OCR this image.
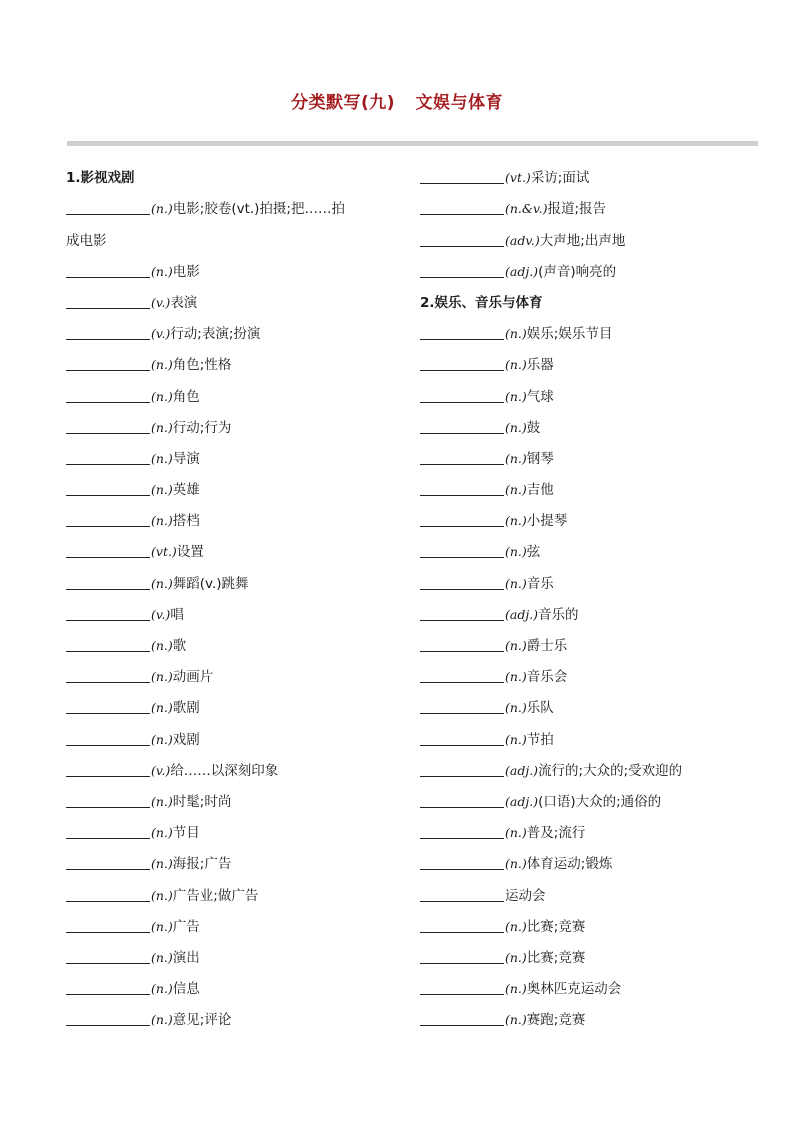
分类默写(九) 文娱与体育
1.影视戏剧
(n.) 电影;胶卷(vt.)拍摄;把……拍
成电影
(n.) 电影
(v.) 表演
(v.) 行动;表演;扮演
(n.) 角色;性格
(n.) 角色
(n.) 行动;行为
(n.) 导演
(n.) 英雄
(n.) 搭档
(vt.) 设置
(n.) 舞蹈(v.)跳舞
(v.) 唱
(n.) 歌
(n.) 动画片
(n.) 歌剧
(n.) 戏剧
(v.) 给……以深刻印象
(n.) 时髦;时尚
(n.) 节目
(n.) 海报;广告
(n.) 广告业;做广告
(n.) 广告
(n.) 演出
(n.) 信息
(n.) 意见;评论
(vt.) 采访;面试
(n.&v.) 报道;报告
(adv.) 大声地;出声地
(adj.) (声音)响亮的
2.娱乐、音乐与体育
(n.) 娱乐;娱乐节目
(n.) 乐器
(n.) 气球
(n.) 鼓
(n.) 钢琴
(n.) 吉他
(n.) 小提琴
(n.) 弦
(n.) 音乐
(adj.) 音乐的
(n.) 爵士乐
(n.) 音乐会
(n.) 乐队
(n.) 节拍
(adj.) 流行的;大众的;受欢迎的
(adj.) (口语)大众的;通俗的
(n.) 普及;流行
(n.) 体育运动;锻炼
运动会
(n.) 比赛;竞赛
(n.) 比赛;竞赛
(n.) 奥林匹克运动会
(n.) 赛跑;竞赛
